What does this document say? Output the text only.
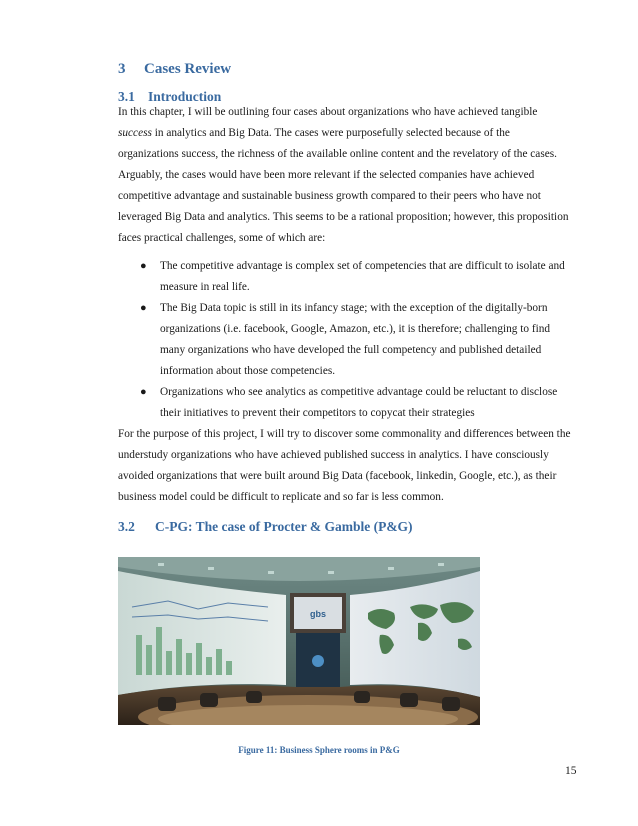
3 Cases Review
3.1 Introduction
In this chapter, I will be outlining four cases about organizations who have achieved tangible
success in analytics and Big Data. The cases were purposefully selected because of the
organizations success, the richness of the available online content and the revelatory of the cases.
Arguably, the cases would have been more relevant if the selected companies have achieved
competitive advantage and sustainable business growth compared to their peers who have not
leveraged Big Data and analytics. This seems to be a rational proposition; however, this proposition
faces practical challenges, some of which are:
● The competitive advantage is complex set of competencies that are difficult to isolate and
measure in real life.
● The Big Data topic is still in its infancy stage; with the exception of the digitally-born
organizations (i.e. facebook, Google, Amazon, etc.), it is therefore; challenging to find
many organizations who have developed the full competency and published detailed
information about those competencies.
● Organizations who see analytics as competitive advantage could be reluctant to disclose
their initiatives to prevent their competitors to copycat their strategies
For the purpose of this project, I will try to discover some commonality and differences between the
understudy organizations who have achieved published success in analytics. I have consciously
avoided organizations that were built around Big Data (facebook, linkedin, Google, etc.), as their
business model could be difficult to replicate and so far is less common.
3.2 C-PG: The case of Procter & Gamble (P&G)
gbs
Figure 11: Business Sphere rooms in P&G
15
